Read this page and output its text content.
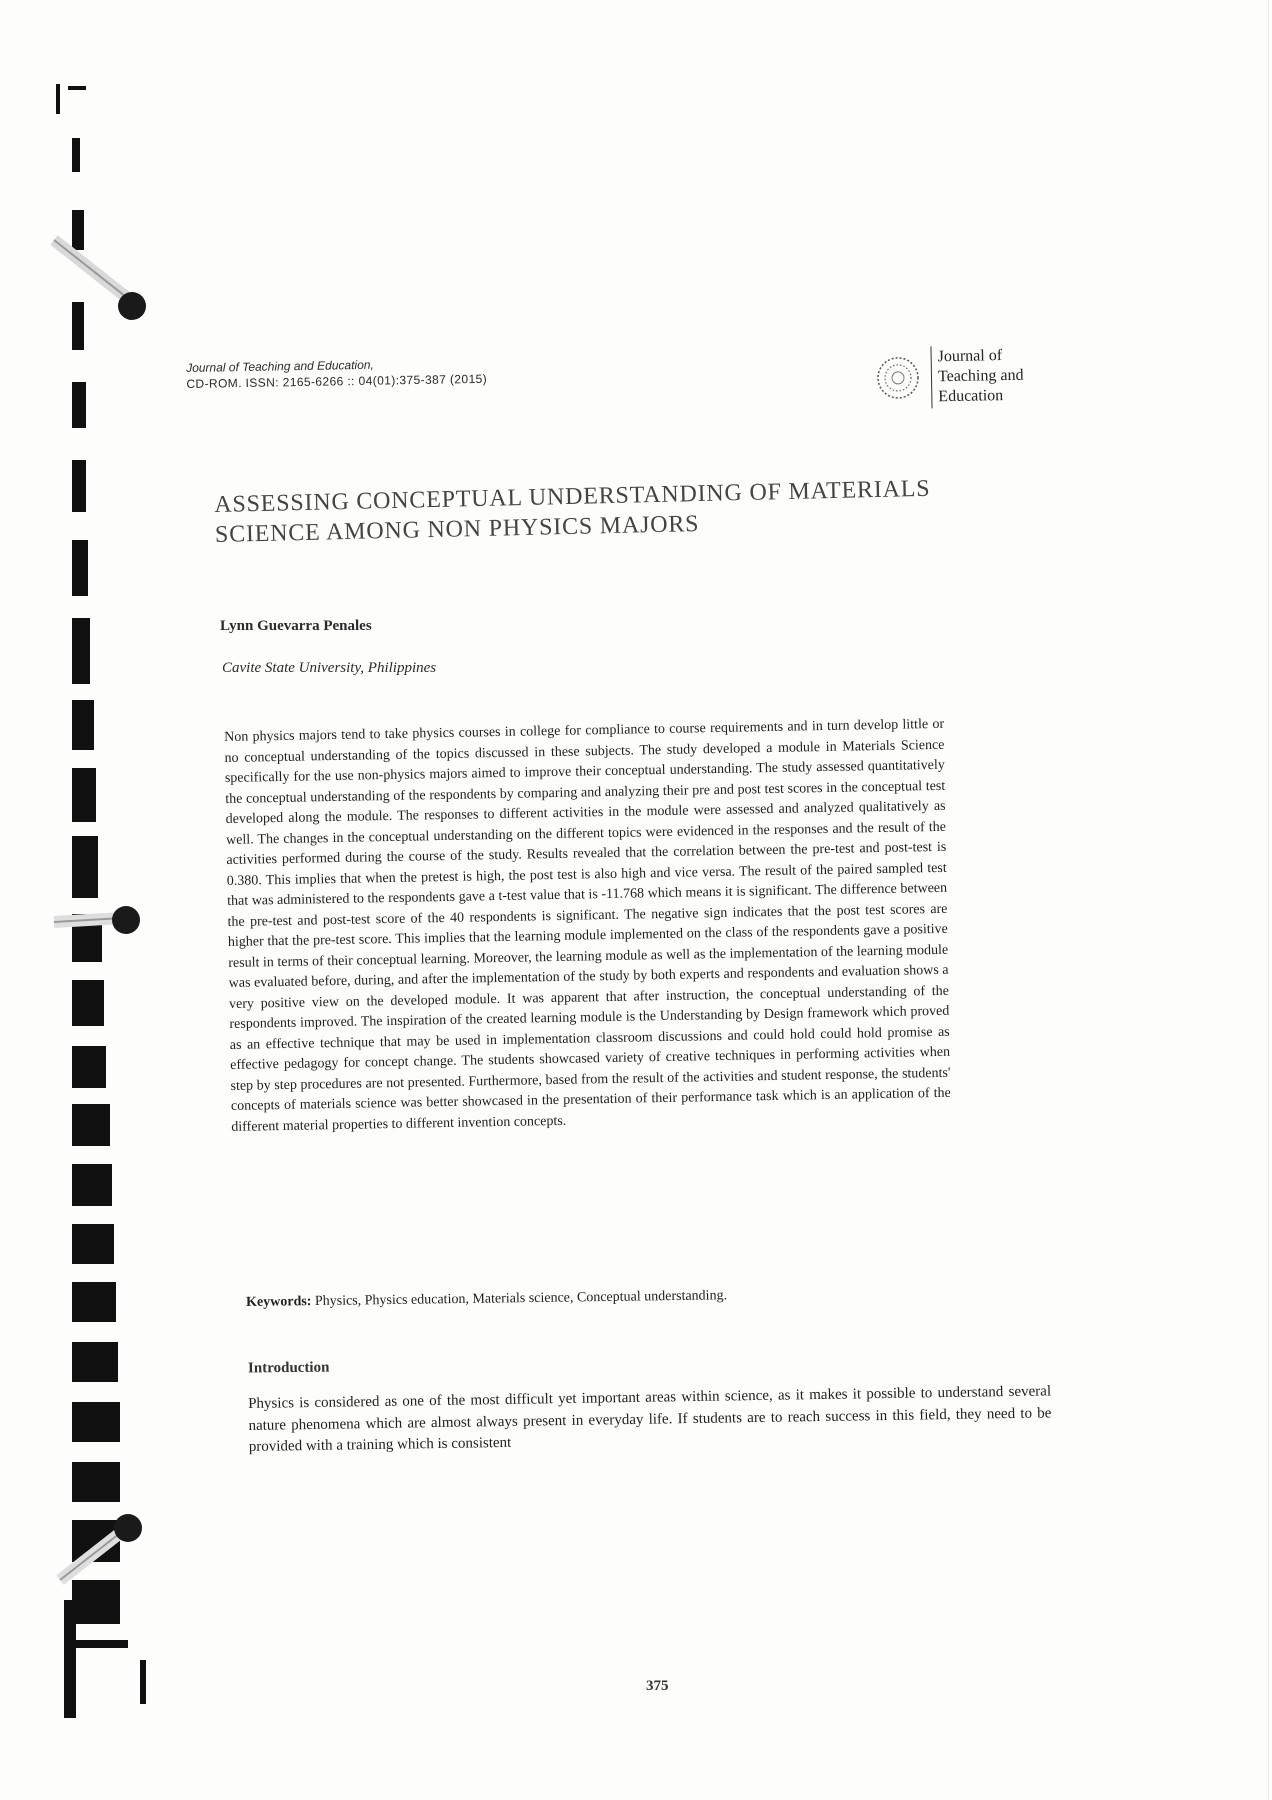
Journal of Teaching and Education,
CD-ROM. ISSN: 2165-6266 :: 04(01):375-387 (2015)
Journal of
Teaching and
Education
ASSESSING CONCEPTUAL UNDERSTANDING OF MATERIALS
SCIENCE AMONG NON PHYSICS MAJORS
Lynn Guevarra Penales
Cavite State University, Philippines

Non physics majors tend to take physics courses in college for compliance to course requirements and in turn develop little or no conceptual understanding of the topics discussed in these subjects. The study developed a module in Materials Science specifically for the use non-physics majors aimed to improve their conceptual understanding. The study assessed quantitatively the conceptual understanding of the respondents by comparing and analyzing their pre and post test scores in the conceptual test developed along the module. The responses to different activities in the module were assessed and analyzed qualitatively as well. The changes in the conceptual understanding on the different topics were evidenced in the responses and the result of the activities performed during the course of the study. Results revealed that the correlation between the pre-test and post-test is 0.380. This implies that when the pretest is high, the post test is also high and vice versa. The result of the paired sampled test that was administered to the respondents gave a t-test value that is -11.768 which means it is significant. The difference between the pre-test and post-test score of the 40 respondents is significant. The negative sign indicates that the post test scores are higher that the pre-test score. This implies that the learning module implemented on the class of the respondents gave a positive result in terms of their conceptual learning. Moreover, the learning module as well as the implementation of the learning module was evaluated before, during, and after the implementation of the study by both experts and respondents and evaluation shows a very positive view on the developed module. It was apparent that after instruction, the conceptual understanding of the respondents improved. The inspiration of the created learning module is the Understanding by Design framework which proved as an effective technique that may be used in implementation classroom discussions and could hold could hold promise as effective pedagogy for concept change. The students showcased variety of creative techniques in performing activities when step by step procedures are not presented. Furthermore, based from the result of the activities and student response, the students' concepts of materials science was better showcased in the presentation of their performance task which is an application of the different material properties to different invention concepts.

Keywords: Physics, Physics education, Materials science, Conceptual understanding.
Introduction

Physics is considered as one of the most difficult yet important areas within science, as it makes it possible to understand several nature phenomena which are almost always present in everyday life. If students are to reach success in this field, they need to be provided with a training which is consistent

375
